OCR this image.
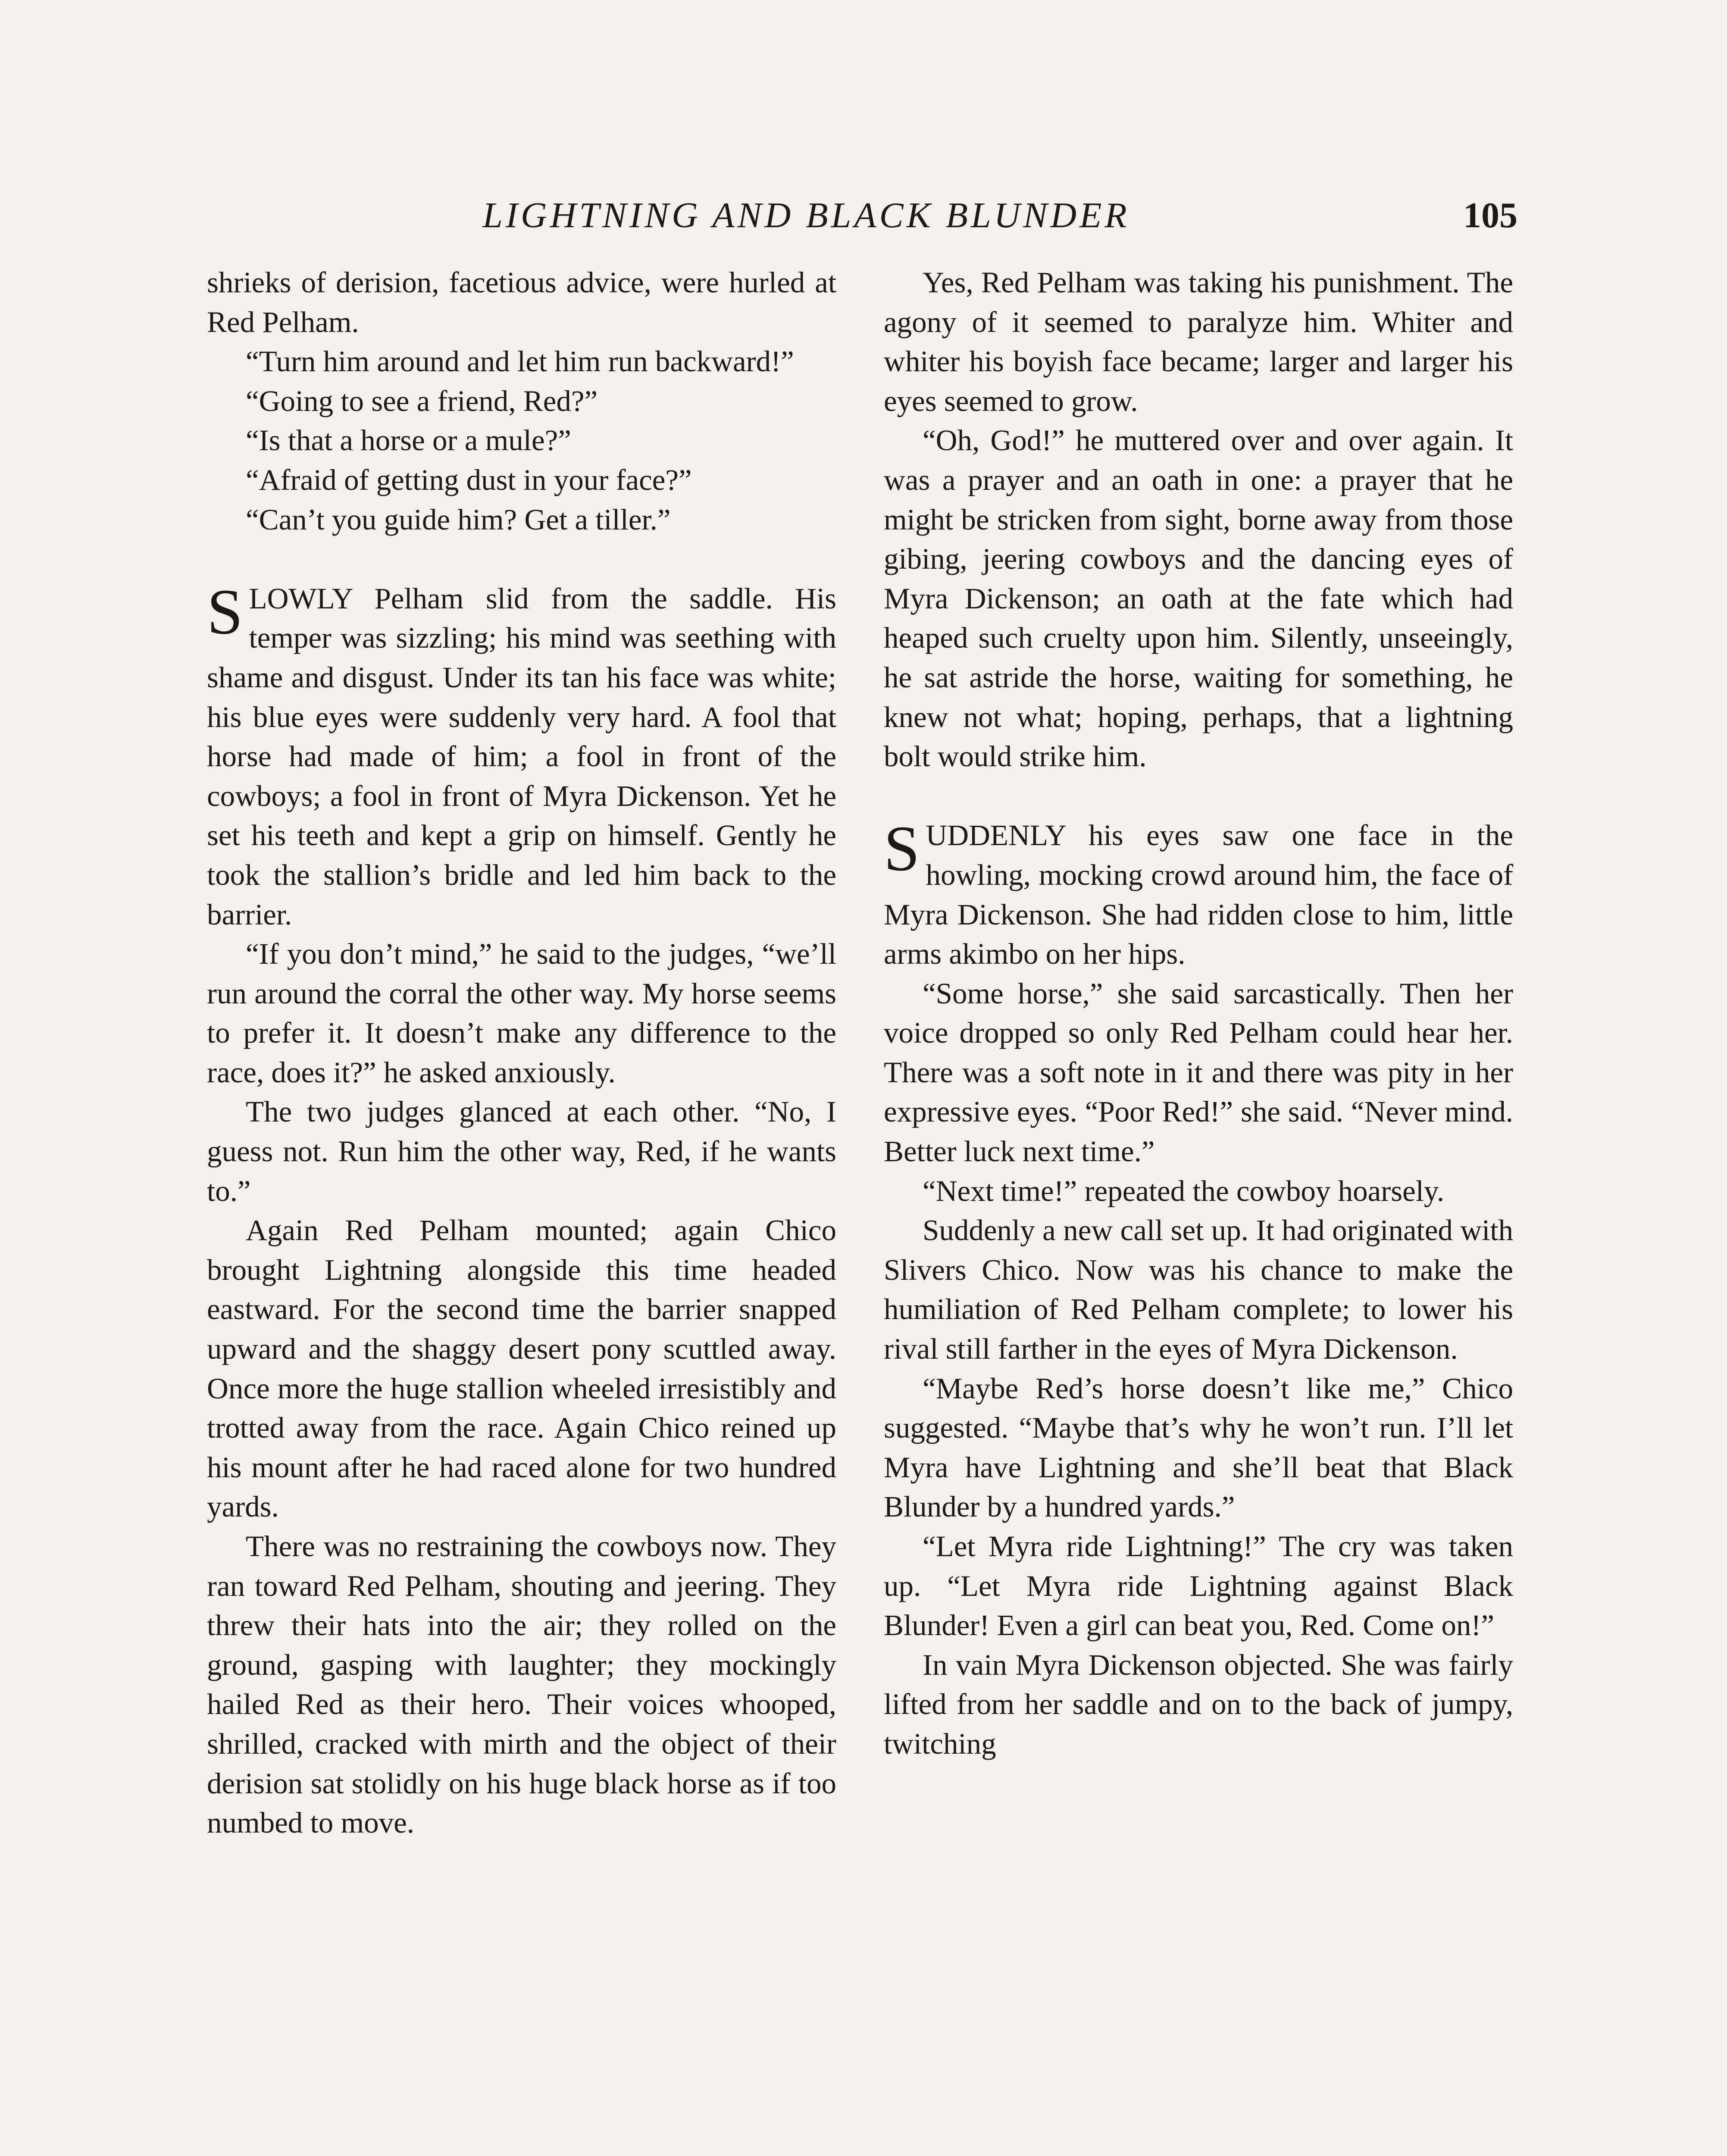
LIGHTNING AND BLACK BLUNDER	105

shrieks of derision, facetious advice, were hurled at Red Pelham.

“Turn him around and let him run backward!”

“Going to see a friend, Red?”

“Is that a horse or a mule?”

“Afraid of getting dust in your face?”

“Can’t you guide him? Get a tiller.”

SLOWLY Pelham slid from the saddle. His temper was sizzling; his mind was seething with shame and disgust. Under its tan his face was white; his blue eyes were suddenly very hard. A fool that horse had made of him; a fool in front of the cowboys; a fool in front of Myra Dickenson. Yet he set his teeth and kept a grip on himself. Gently he took the stallion’s bridle and led him back to the barrier.

“If you don’t mind,” he said to the judges, “we’ll run around the corral the other way. My horse seems to prefer it. It doesn’t make any difference to the race, does it?” he asked anxiously.

The two judges glanced at each other. “No, I guess not. Run him the other way, Red, if he wants to.”

Again Red Pelham mounted; again Chico brought Lightning alongside this time headed eastward. For the second time the barrier snapped upward and the shaggy desert pony scuttled away. Once more the huge stallion wheeled irresistibly and trotted away from the race. Again Chico reined up his mount after he had raced alone for two hundred yards.

There was no restraining the cowboys now. They ran toward Red Pelham, shouting and jeering. They threw their hats into the air; they rolled on the ground, gasping with laughter; they mockingly hailed Red as their hero. Their voices whooped, shrilled, cracked with mirth and the object of their derision sat stolidly on his huge black horse as if too numbed to move.

Yes, Red Pelham was taking his punishment. The agony of it seemed to paralyze him. Whiter and whiter his boyish face became; larger and larger his eyes seemed to grow.

“Oh, God!” he muttered over and over again. It was a prayer and an oath in one: a prayer that he might be stricken from sight, borne away from those gibing, jeering cowboys and the dancing eyes of Myra Dickenson; an oath at the fate which had heaped such cruelty upon him. Silently, unseeingly, he sat astride the horse, waiting for something, he knew not what; hoping, perhaps, that a lightning bolt would strike him.

SUDDENLY his eyes saw one face in the howling, mocking crowd around him, the face of Myra Dickenson. She had ridden close to him, little arms akimbo on her hips.

“Some horse,” she said sarcastically. Then her voice dropped so only Red Pelham could hear her. There was a soft note in it and there was pity in her expressive eyes. “Poor Red!” she said. “Never mind. Better luck next time.”

“Next time!” repeated the cowboy hoarsely.

Suddenly a new call set up. It had originated with Slivers Chico. Now was his chance to make the humiliation of Red Pelham complete; to lower his rival still farther in the eyes of Myra Dickenson.

“Maybe Red’s horse doesn’t like me,” Chico suggested. “Maybe that’s why he won’t run. I’ll let Myra have Lightning and she’ll beat that Black Blunder by a hundred yards.”

“Let Myra ride Lightning!” The cry was taken up. “Let Myra ride Lightning against Black Blunder! Even a girl can beat you, Red. Come on!”

In vain Myra Dickenson objected. She was fairly lifted from her saddle and on to the back of jumpy, twitching
